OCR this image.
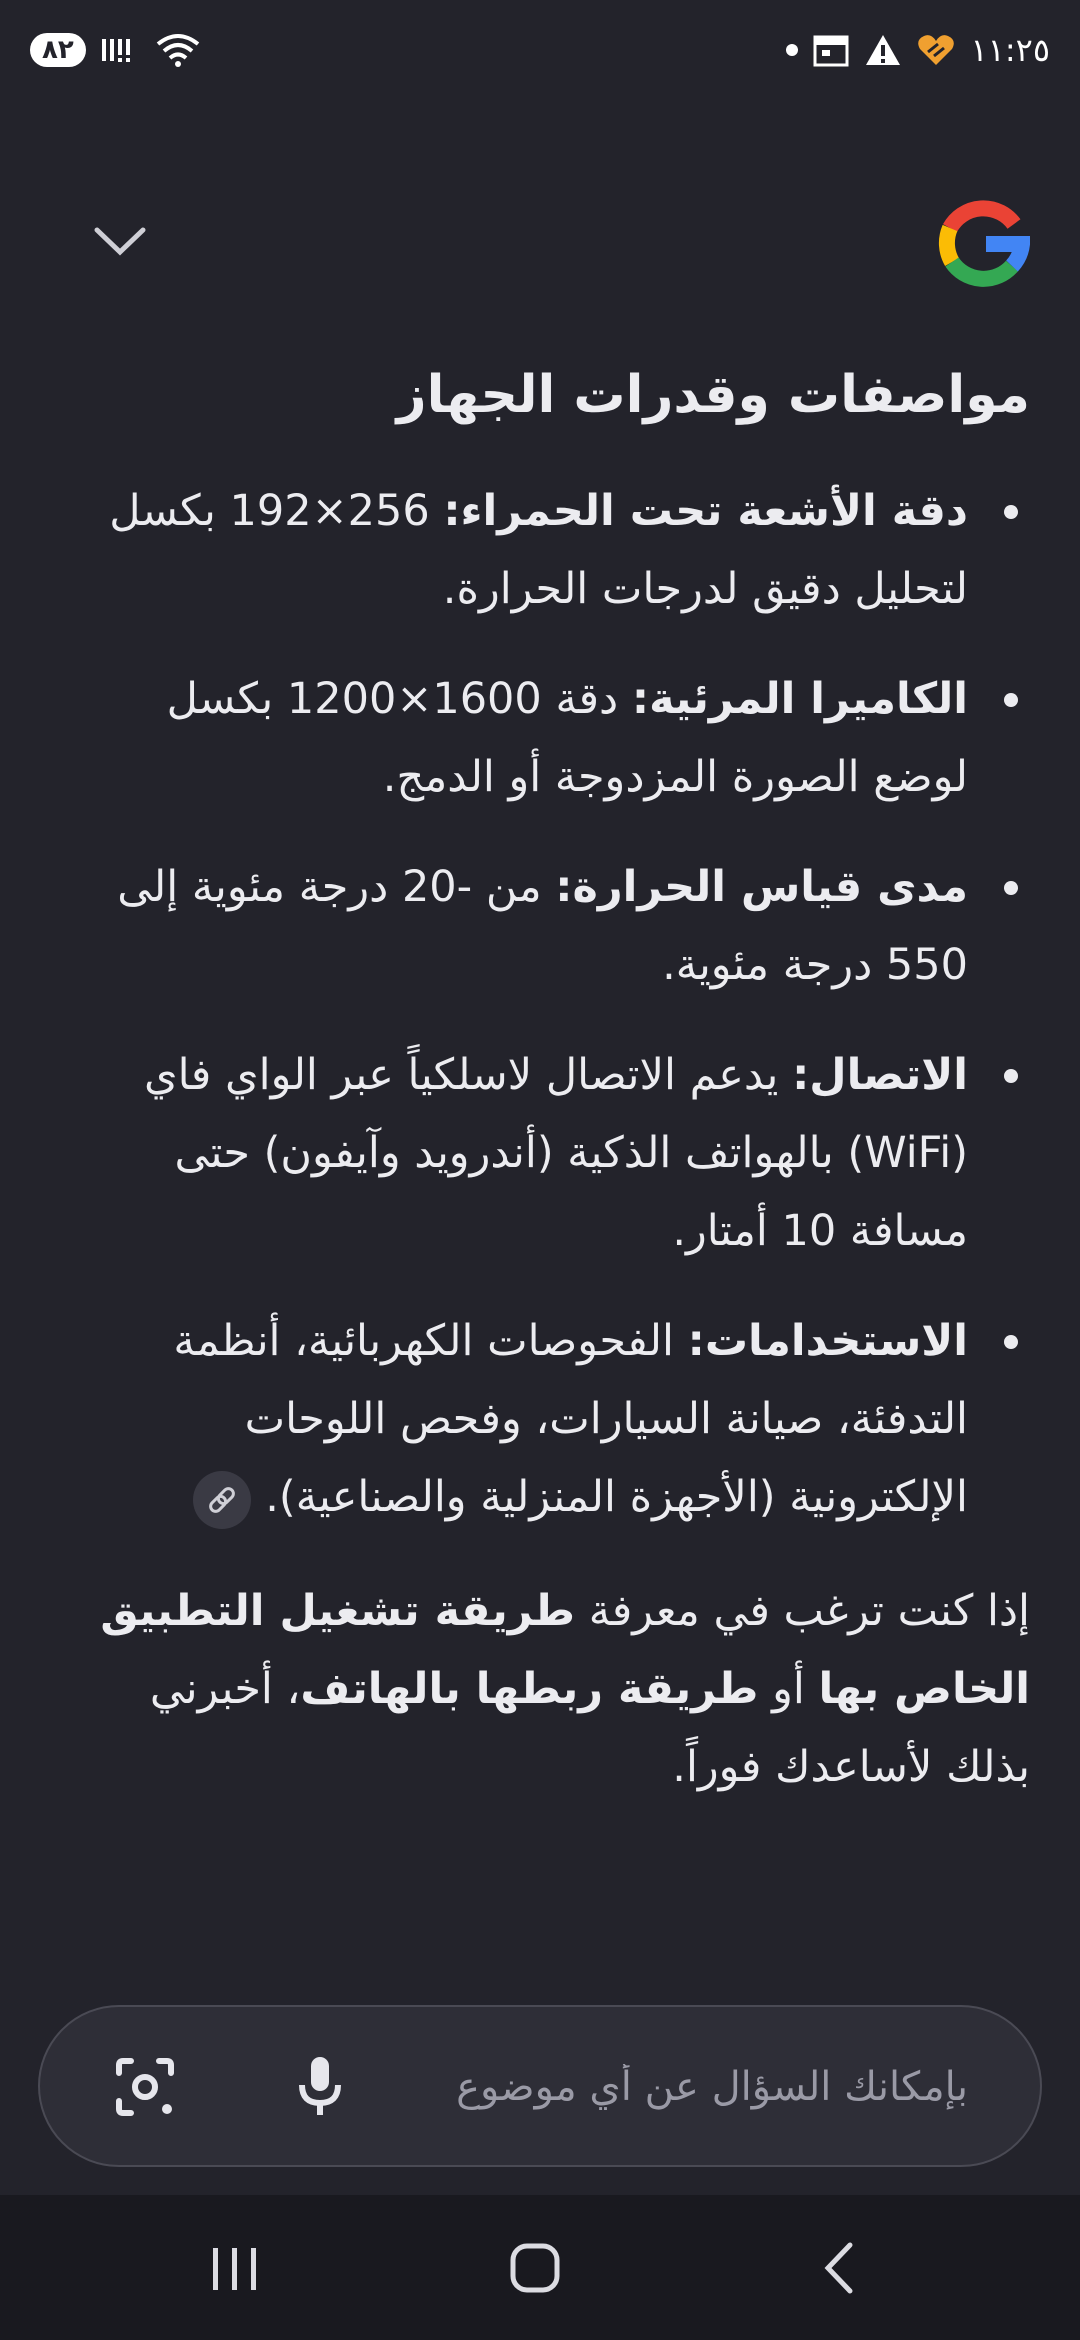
٨٢	١١:٢٥
مواصفات وقدرات الجهاز
دقة الأشعة تحت الحمراء: 256×192 بكسل لتحليل دقيق لدرجات الحرارة.
الكاميرا المرئية: دقة 1600×1200 بكسل لوضع الصورة المزدوجة أو الدمج.
مدى قياس الحرارة: من -20 درجة مئوية إلى 550 درجة مئوية.
الاتصال: يدعم الاتصال لاسلكياً عبر الواي فاي (WiFi) بالهواتف الذكية (أندرويد وآيفون) حتى مسافة 10 أمتار.
الاستخدامات: الفحوصات الكهربائية، أنظمة التدفئة، صيانة السيارات، وفحص اللوحات الإلكترونية (الأجهزة المنزلية والصناعية).
إذا كنت ترغب في معرفة طريقة تشغيل التطبيق الخاص بها أو طريقة ربطها بالهاتف، أخبرني بذلك لأساعدك فوراً.
بإمكانك السؤال عن أي موضوع
